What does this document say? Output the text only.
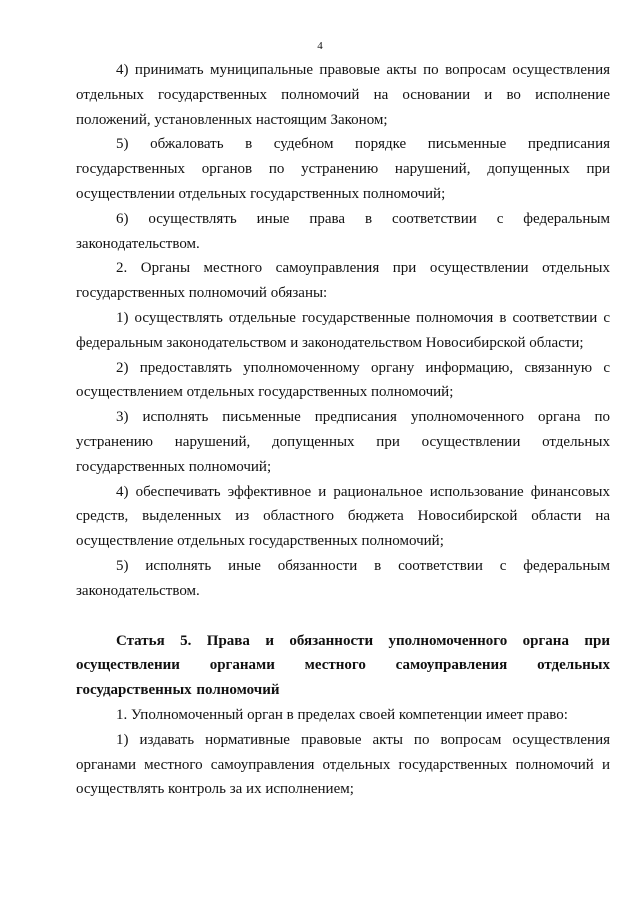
4

4) принимать муниципальные правовые акты по вопросам осуществления отдельных государственных полномочий на основании и во исполнение положений, установленных настоящим Законом;

5) обжаловать в судебном порядке письменные предписания государственных органов по устранению нарушений, допущенных при осуществлении отдельных государственных полномочий;

6) осуществлять иные права в соответствии с федеральным законодательством.

2. Органы местного самоуправления при осуществлении отдельных государственных полномочий обязаны:

1) осуществлять отдельные государственные полномочия в соответствии с федеральным законодательством и законодательством Новосибирской области;

2) предоставлять уполномоченному органу информацию, связанную с осуществлением отдельных государственных полномочий;

3) исполнять письменные предписания уполномоченного органа по устранению нарушений, допущенных при осуществлении отдельных государственных полномочий;

4) обеспечивать эффективное и рациональное использование финансовых средств, выделенных из областного бюджета Новосибирской области на осуществление отдельных государственных полномочий;

5) исполнять иные обязанности в соответствии с федеральным законодательством.

Статья 5. Права и обязанности уполномоченного органа при осуществлении органами местного самоуправления отдельных государственных полномочий

1. Уполномоченный орган в пределах своей компетенции имеет право:

1) издавать нормативные правовые акты по вопросам осуществления органами местного самоуправления отдельных государственных полномочий и осуществлять контроль за их исполнением;
